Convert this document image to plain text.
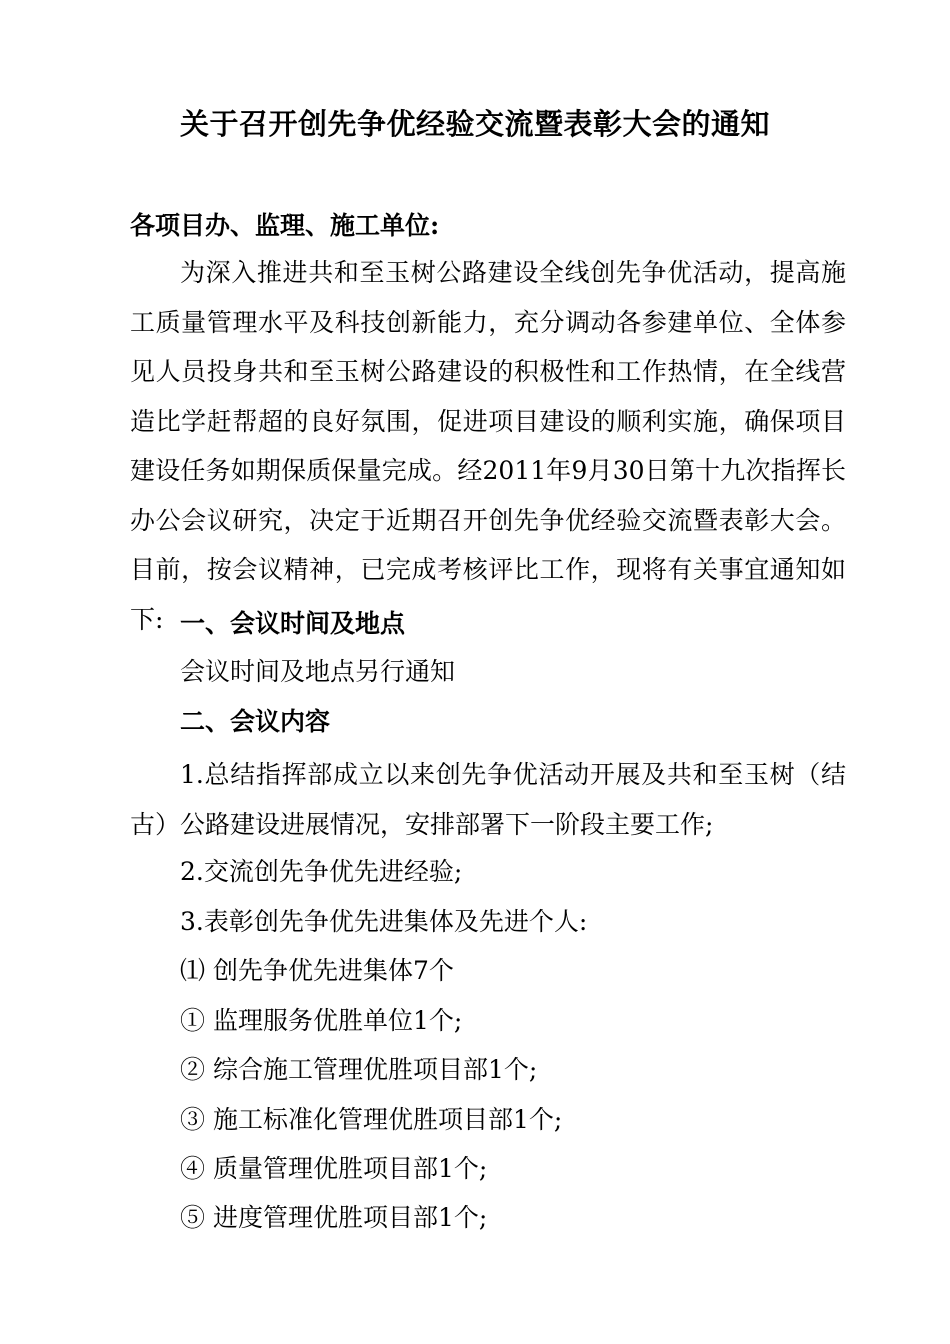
关于召开创先争优经验交流暨表彰大会的通知
各项目办、监理、施工单位:
为深入推进共和至玉树公路建设全线创先争优活动，提高施工质量管理水平及科技创新能力，充分调动各参建单位、全体参见人员投身共和至玉树公路建设的积极性和工作热情，在全线营造比学赶帮超的良好氛围，促进项目建设的顺利实施，确保项目建设任务如期保质保量完成。经2011年9月30日第十九次指挥长办公会议研究，决定于近期召开创先争优经验交流暨表彰大会。目前，按会议精神，已完成考核评比工作，现将有关事宜通知如下: 一、会议时间及地点
会议时间及地点另行通知
二、会议内容
1.总结指挥部成立以来创先争优活动开展及共和至玉树（结古）公路建设进展情况，安排部署下一阶段主要工作;
2.交流创先争优先进经验;
3.表彰创先争优先进集体及先进个人:
⑴ 创先争优先进集体7个
① 监理服务优胜单位1个;
② 综合施工管理优胜项目部1个;
③ 施工标准化管理优胜项目部1个;
④ 质量管理优胜项目部1个;
⑤ 进度管理优胜项目部1个;
